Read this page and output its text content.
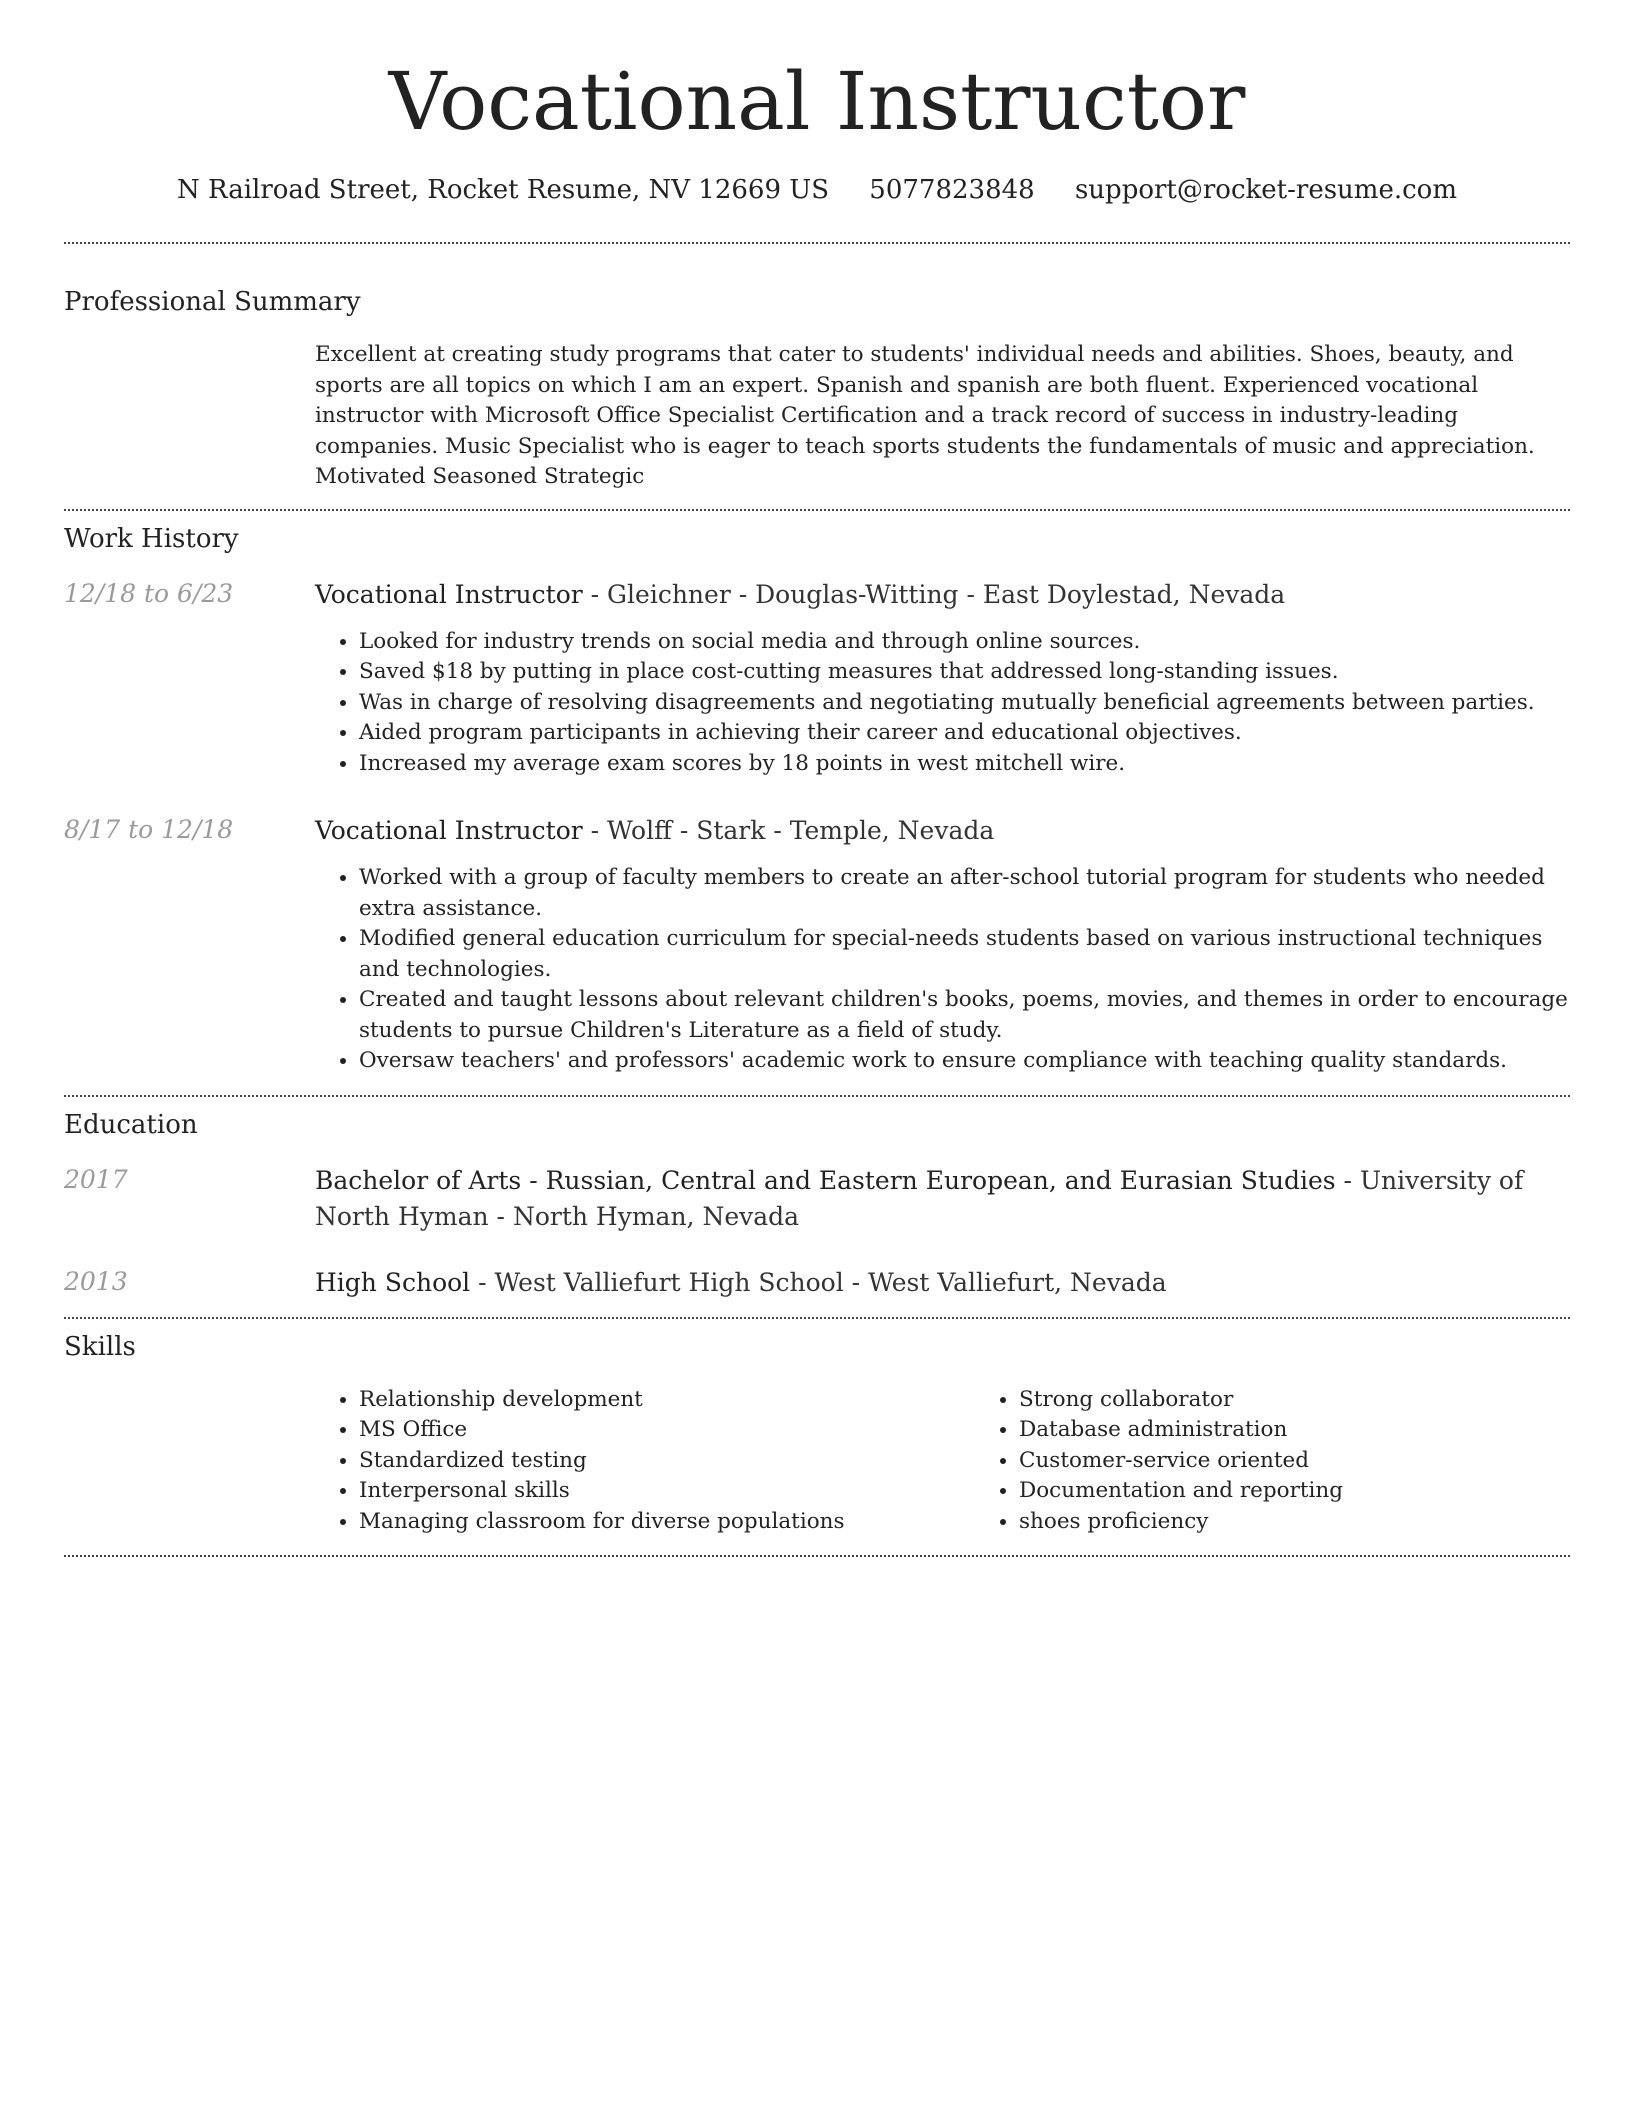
Vocational Instructor
N Railroad Street, Rocket Resume, NV 12669 US 5077823848 support@rocket-resume.com
Professional Summary
Excellent at creating study programs that cater to students' individual needs and abilities. Shoes, beauty, and sports are all topics on which I am an expert. Spanish and spanish are both fluent. Experienced vocational instructor with Microsoft Office Specialist Certification and a track record of success in industry-leading companies. Music Specialist who is eager to teach sports students the fundamentals of music and appreciation. Motivated Seasoned Strategic
Work History
12/18 to 6/23	Vocational Instructor - Gleichner - Douglas-Witting - East Doylestad, Nevada

• Looked for industry trends on social media and through online sources.
• Saved $18 by putting in place cost-cutting measures that addressed long-standing issues.
• Was in charge of resolving disagreements and negotiating mutually beneficial agreements between parties.
• Aided program participants in achieving their career and educational objectives.
• Increased my average exam scores by 18 points in west mitchell wire.
8/17 to 12/18	Vocational Instructor - Wolff - Stark - Temple, Nevada

• Worked with a group of faculty members to create an after-school tutorial program for students who needed extra assistance.
• Modified general education curriculum for special-needs students based on various instructional techniques and technologies.
• Created and taught lessons about relevant children's books, poems, movies, and themes in order to encourage students to pursue Children's Literature as a field of study.
• Oversaw teachers' and professors' academic work to ensure compliance with teaching quality standards.
Education
2017	Bachelor of Arts - Russian, Central and Eastern European, and Eurasian Studies - University of North Hyman - North Hyman, Nevada

2013	High School - West Valliefurt High School - West Valliefurt, Nevada

Skills
• Relationship development
• MS Office
• Standardized testing
• Interpersonal skills
• Managing classroom for diverse populations
• Strong collaborator
• Database administration
• Customer-service oriented
• Documentation and reporting
• shoes proficiency
